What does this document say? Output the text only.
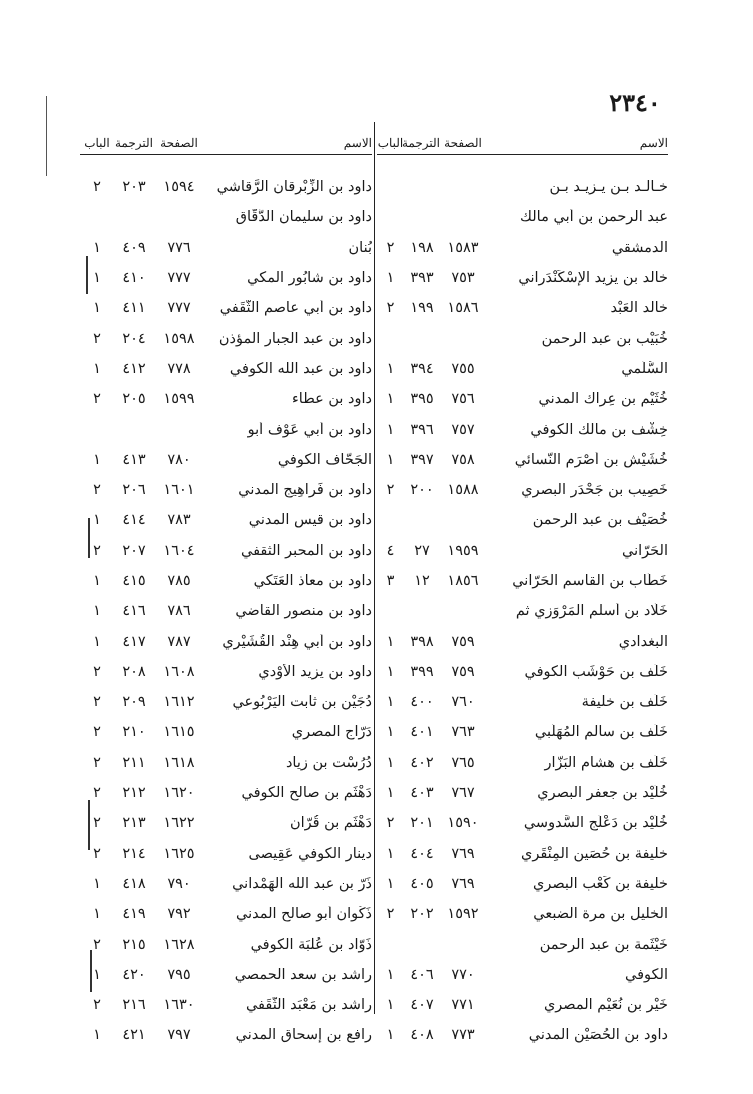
٢٣٤٠
الاسم
الصفحة
الترجمة
الباب
خـالـد بـن يـزيـد بـن
عبد الرحمن بن أبي مالك
الدمشقي
١٥٨٣
١٩٨
٢
خالد بن يزيد الإسْكَنْدَراني
٧٥٣
٣٩٣
١
خالد العَبْد
١٥٨٦
١٩٩
٢
خُبَيْب بن عبد الرحمن
السُّلَمي
٧٥٥
٣٩٤
١
خُثَيْم بن عِراك المدني
٧٥٦
٣٩٥
١
خِشْف بن مالك الكوفي
٧٥٧
٣٩٦
١
خُشَيْش بن أصْرَم النَّسائي
٧٥٨
٣٩٧
١
خَصِيب بن جَحْدَر البصري
١٥٨٨
٢٠٠
٢
خُصَيْف بن عبد الرحمن
الحَرّاني
١٩٥٩
٢٧
٤
خَطّاب بن القاسم الحَرّاني
١٨٥٦
١٢
٣
خَلّاد بن أسلم المَرْوَزي ثم
البغدادي
٧٥٩
٣٩٨
١
خَلَف بن حَوْشَب الكوفي
٧٥٩
٣٩٩
١
خَلَف بن خليفة
٧٦٠
٤٠٠
١
خَلَف بن سالم المُهَلَّبي
٧٦٣
٤٠١
١
خَلَف بن هشام البَزّار
٧٦٥
٤٠٢
١
خُلَيْد بن جعفر البصري
٧٦٧
٤٠٣
١
خُلَيْد بن دَعْلَج السَّدوسي
١٥٩٠
٢٠١
٢
خليفة بن حُصَين المِنْقَري
٧٦٩
٤٠٤
١
خليفة بن كَعْب البصري
٧٦٩
٤٠٥
١
الخليل بن مرة الضبعي
١٥٩٢
٢٠٢
٢
خَيْثَمة بن عبد الرحمن
الكوفي
٧٧٠
٤٠٦
١
خَيْر بن نُعَيْم المصري
٧٧١
٤٠٧
١
داود بن الحُصَيْن المدني
٧٧٣
٤٠٨
١
الاسم
الصفحة
الترجمة
الباب
داود بن الزِّبْرِقان الرَّقاشي
١٥٩٤
٢٠٣
٢
داود بن سليمان الدَّقّاق
بُنان
٧٧٦
٤٠٩
١
داود بن شابُور المكي
٧٧٧
٤١٠
١
داود بن أبي عاصم الثَّقَفي
٧٧٧
٤١١
١
داود بن عبد الجبار المؤذن
١٥٩٨
٢٠٤
٢
داود بن عبد الله الكوفي
٧٧٨
٤١٢
١
داود بن عطاء
١٥٩٩
٢٠٥
٢
داود بن أبي عَوْف أبو
الجَحّاف الكوفي
٧٨٠
٤١٣
١
داود بن فَراهِيج المدني
١٦٠١
٢٠٦
٢
داود بن قيس المدني
٧٨٣
٤١٤
١
داود بن المحبر الثقفي
١٦٠٤
٢٠٧
٢
داود بن معاذ العَتَكي
٧٨٥
٤١٥
١
داود بن منصور القاضي
٧٨٦
٤١٦
١
داود بن أبي هِنْد القُشَيْري
٧٨٧
٤١٧
١
داود بن يزيد الأوْدي
١٦٠٨
٢٠٨
٢
دُجَيْن بن ثابت اليَرْبُوعي
١٦١٢
٢٠٩
٢
دَرّاج المصري
١٦١٥
٢١٠
٢
دُرُسْت بن زياد
١٦١٨
٢١١
٢
دَهْثَم بن صالح الكوفي
١٦٢٠
٢١٢
٢
دَهْثَم بن قُرّان
١٦٢٢
٢١٣
٢
دينار الكوفي عَقِيصى
١٦٢٥
٢١٤
٢
ذَرّ بن عبد الله الهَمْداني
٧٩٠
٤١٨
١
ذَكْوان أبو صالح المدني
٧٩٢
٤١٩
١
ذَوّاد بن عُلْبَة الكوفي
١٦٢٨
٢١٥
٢
راشد بن سعد الحمصي
٧٩٥
٤٢٠
١
راشد بن مَعْبَد الثَّقَفي
١٦٣٠
٢١٦
٢
رافع بن إسحاق المدني
٧٩٧
٤٢١
١
